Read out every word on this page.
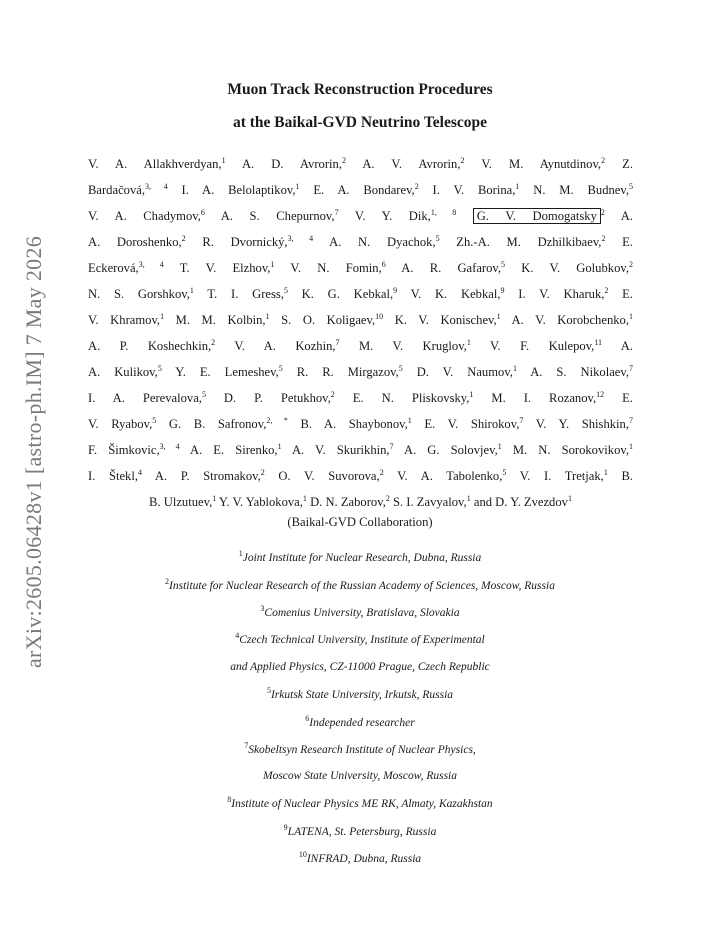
arXiv:2605.06428v1 [astro-ph.IM] 7 May 2026
Muon Track Reconstruction Procedures
at the Baikal-GVD Neutrino Telescope
V. A. Allakhverdyan,$^1$ A. D. Avrorin,$^2$ A. V. Avrorin,$^2$ V. M. Aynutdinov,$^2$ Z.
Bardačová,$^{3, 4}$ I. A. Belolaptikov,$^1$ E. A. Bondarev,$^2$ I. V. Borina,$^1$ N. M. Budnev,$^5$
V. A. Chadymov,$^6$ A. S. Chepurnov,$^7$ V. Y. Dik,$^{1, 8}$ G. V. Domogatsky $^2$ A.
A. Doroshenko,$^2$ R. Dvornický,$^{3, 4}$ A. N. Dyachok,$^5$ Zh.-A. M. Dzhilkibaev,$^2$ E.
Eckerová,$^{3, 4}$ T. V. Elzhov,$^1$ V. N. Fomin,$^6$ A. R. Gafarov,$^5$ K. V. Golubkov,$^2$
N. S. Gorshkov,$^1$ T. I. Gress,$^5$ K. G. Kebkal,$^9$ V. K. Kebkal,$^9$ I. V. Kharuk,$^2$ E.
V. Khramov,$^1$ M. M. Kolbin,$^1$ S. O. Koligaev,$^{10}$ K. V. Konischev,$^1$ A. V. Korobchenko,$^1$
A. P. Koshechkin,$^2$ V. A. Kozhin,$^7$ M. V. Kruglov,$^1$ V. F. Kulepov,$^{11}$ A.
A. Kulikov,$^5$ Y. E. Lemeshev,$^5$ R. R. Mirgazov,$^5$ D. V. Naumov,$^1$ A. S. Nikolaev,$^7$
I. A. Perevalova,$^5$ D. P. Petukhov,$^2$ E. N. Pliskovsky,$^1$ M. I. Rozanov,$^{12}$ E.
V. Ryabov,$^5$ G. B. Safronov,$^{2, *}$ B. A. Shaybonov,$^1$ E. V. Shirokov,$^7$ V. Y. Shishkin,$^7$
F. Šimkovic,$^{3, 4}$ A. E. Sirenko,$^1$ A. V. Skurikhin,$^7$ A. G. Solovjev,$^1$ M. N. Sorokovikov,$^1$
I. Štekl,$^4$ A. P. Stromakov,$^2$ O. V. Suvorova,$^2$ V. A. Tabolenko,$^5$ V. I. Tretjak,$^1$ B.
B. Ulzutuev,$^1$ Y. V. Yablokova,$^1$ D. N. Zaborov,$^2$ S. I. Zavyalov,$^1$ and D. Y. Zvezdov$^1$
(Baikal-GVD Collaboration)
$^1$Joint Institute for Nuclear Research, Dubna, Russia
$^2$Institute for Nuclear Research of the Russian Academy of Sciences, Moscow, Russia
$^3$Comenius University, Bratislava, Slovakia
$^4$Czech Technical University, Institute of Experimental
and Applied Physics, CZ-11000 Prague, Czech Republic
$^5$Irkutsk State University, Irkutsk, Russia
$^6$Independed researcher
$^7$Skobeltsyn Research Institute of Nuclear Physics,
Moscow State University, Moscow, Russia
$^8$Institute of Nuclear Physics ME RK, Almaty, Kazakhstan
$^9$LATENA, St. Petersburg, Russia
$^{10}$INFRAD, Dubna, Russia
